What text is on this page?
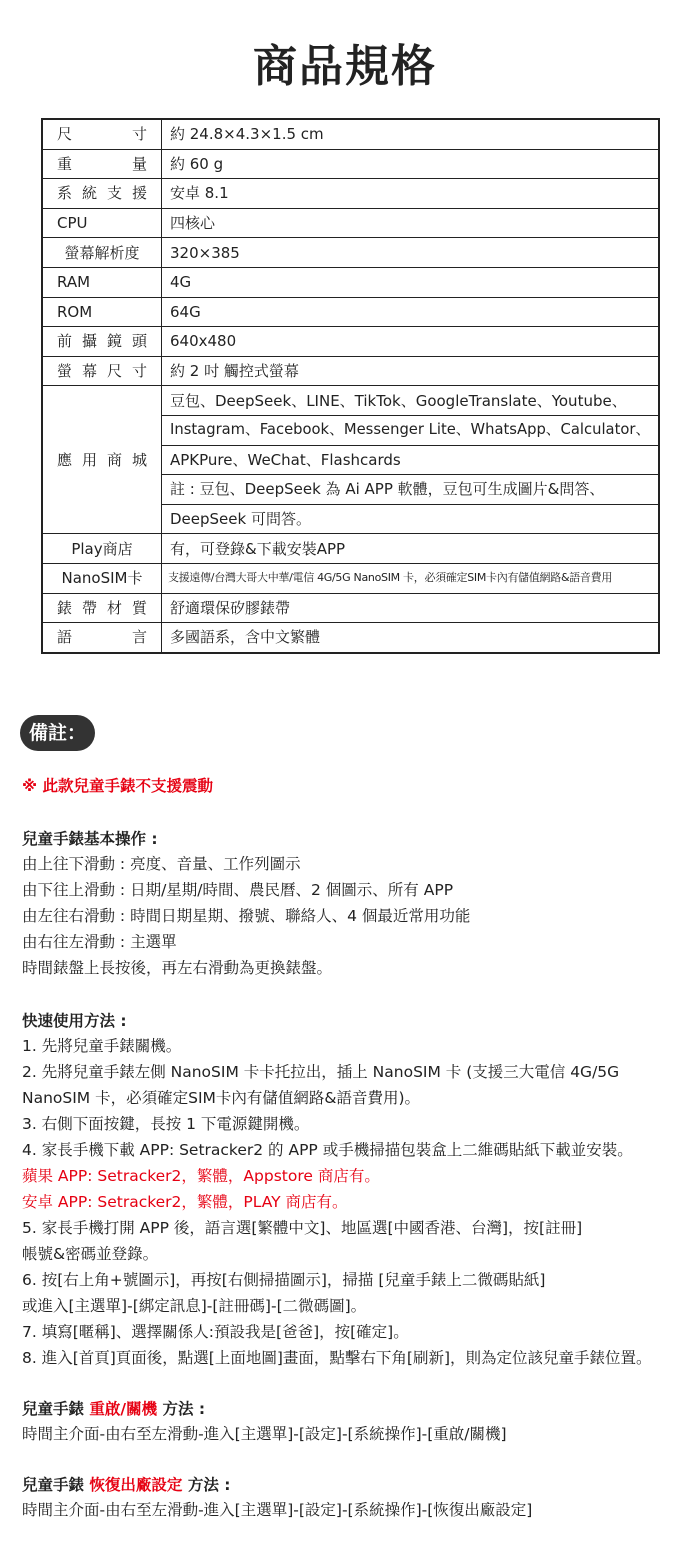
商品規格
尺寸	約 24.8×4.3×1.5 cm
重量	約 60 g
系統支援	安卓 8.1
CPU	四核心
螢幕解析度	320×385
RAM	4G
ROM	64G
前攝鏡頭	640x480
螢幕尺寸	約 2 吋 觸控式螢幕
應用商城	豆包、DeepSeek、LINE、TikTok、GoogleTranslate、Youtube、
	Instagram、Facebook、Messenger Lite、WhatsApp、Calculator、
	APKPure、WeChat、Flashcards
	註 : 豆包、DeepSeek 為 Ai APP 軟體，豆包可生成圖片&問答、
	DeepSeek 可問答。
Play商店	有，可登錄&下載安裝APP
NanoSIM卡	支援遠傳/台灣大哥大中華/電信 4G/5G NanoSIM 卡，必須確定SIM卡內有儲值網路&語音費用
錶帶材質	舒適環保矽膠錶帶
語言	多國語系，含中文繁體
備註：
※ 此款兒童手錶不支援震動
兒童手錶基本操作 :
由上往下滑動 : 亮度、音量、工作列圖示
由下往上滑動 : 日期/星期/時間、農民曆、2 個圖示、所有 APP
由左往右滑動 : 時間日期星期、撥號、聯絡人、4 個最近常用功能
由右往左滑動 : 主選單
時間錶盤上長按後，再左右滑動為更換錶盤。
快速使用方法 :
1. 先將兒童手錶關機。
2. 先將兒童手錶左側 NanoSIM 卡卡托拉出，插上 NanoSIM 卡 (支援三大電信 4G/5G
NanoSIM 卡，必須確定SIM卡內有儲值網路&語音費用)。
3. 右側下面按鍵，長按 1 下電源鍵開機。
4. 家長手機下載 APP: Setracker2 的 APP 或手機掃描包裝盒上二維碼貼紙下載並安裝。
蘋果 APP: Setracker2，繁體，Appstore 商店有。
安卓 APP: Setracker2，繁體，PLAY 商店有。
5. 家長手機打開 APP 後，語言選[繁體中文]、地區選[中國香港、台灣]，按[註冊]
帳號&密碼並登錄。
6. 按[右上角+號圖示]，再按[右側掃描圖示]，掃描 [兒童手錶上二微碼貼紙]
或進入[主選單]-[綁定訊息]-[註冊碼]-[二微碼圖]。
7. 填寫[暱稱]、選擇關係人:預設我是[爸爸]，按[確定]。
8. 進入[首頁]頁面後，點選[上面地圖]畫面，點擊右下角[刷新]，則為定位該兒童手錶位置。
兒童手錶 重啟/關機 方法 :
時間主介面-由右至左滑動-進入[主選單]-[設定]-[系統操作]-[重啟/關機]
兒童手錶 恢復出廠設定 方法 :
時間主介面-由右至左滑動-進入[主選單]-[設定]-[系統操作]-[恢復出廠設定]
